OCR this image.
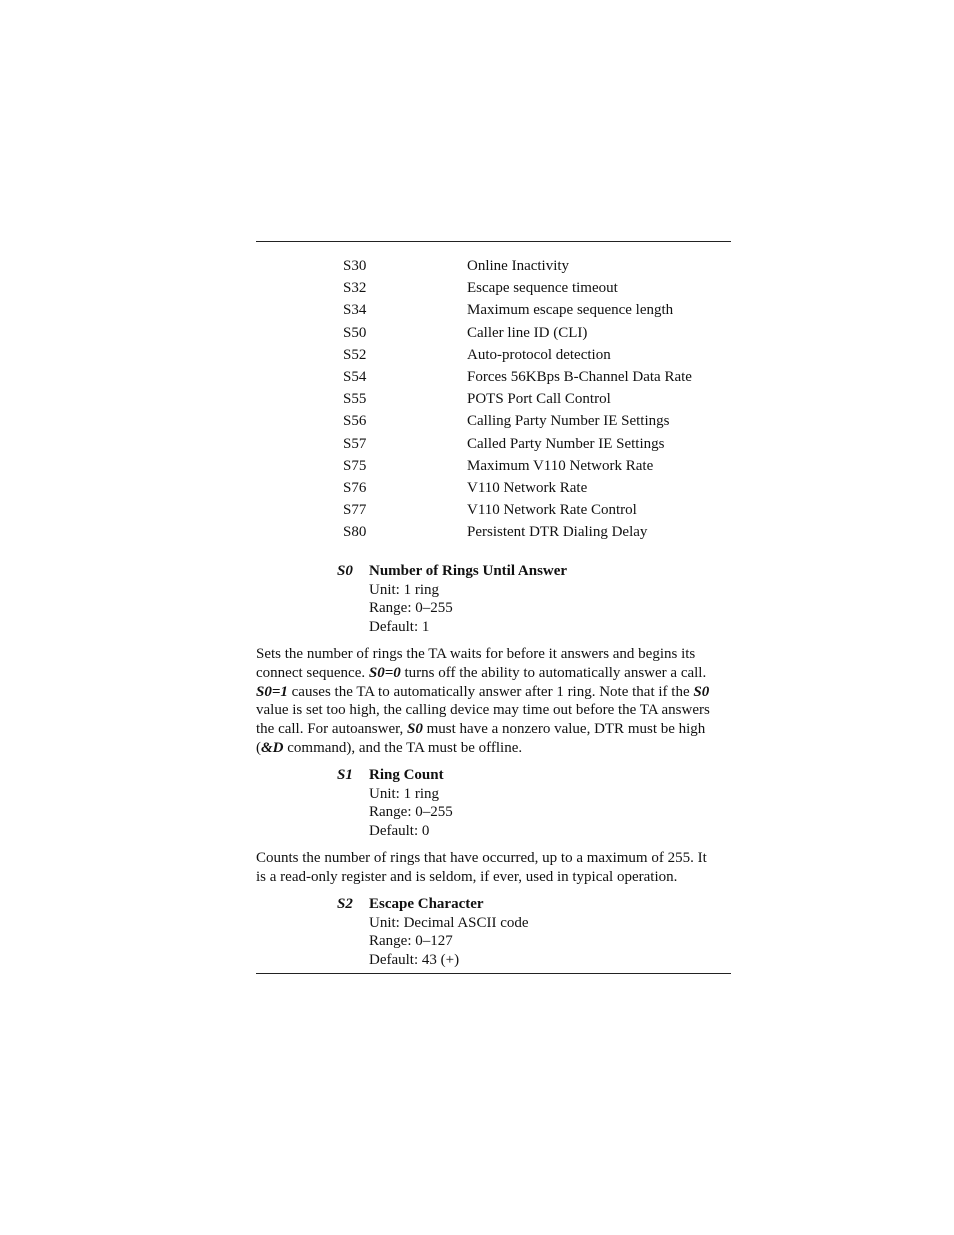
S30	Online Inactivity
S32	Escape sequence timeout
S34	Maximum escape sequence length
S50	Caller line ID (CLI)
S52	Auto-protocol detection
S54	Forces 56KBps B-Channel Data Rate
S55	POTS Port Call Control
S56	Calling Party Number IE Settings
S57	Called Party Number IE Settings
S75	Maximum V110 Network Rate
S76	V110 Network Rate
S77	V110 Network Rate Control
S80	Persistent DTR Dialing Delay
S0	Number of Rings Until Answer
Unit: 1 ring
Range: 0–255
Default: 1
Sets the number of rings the TA waits for before it answers and begins its
connect sequence. S0=0 turns off the ability to automatically answer a call.
S0=1 causes the TA to automatically answer after 1 ring. Note that if the S0
value is set too high, the calling device may time out before the TA answers
the call. For autoanswer, S0 must have a nonzero value, DTR must be high
(&D command), and the TA must be offline.
S1	Ring Count
Unit: 1 ring
Range: 0–255
Default: 0
Counts the number of rings that have occurred, up to a maximum of 255. It
is a read-only register and is seldom, if ever, used in typical operation.
S2	Escape Character
Unit: Decimal ASCII code
Range: 0–127
Default: 43 (+)
